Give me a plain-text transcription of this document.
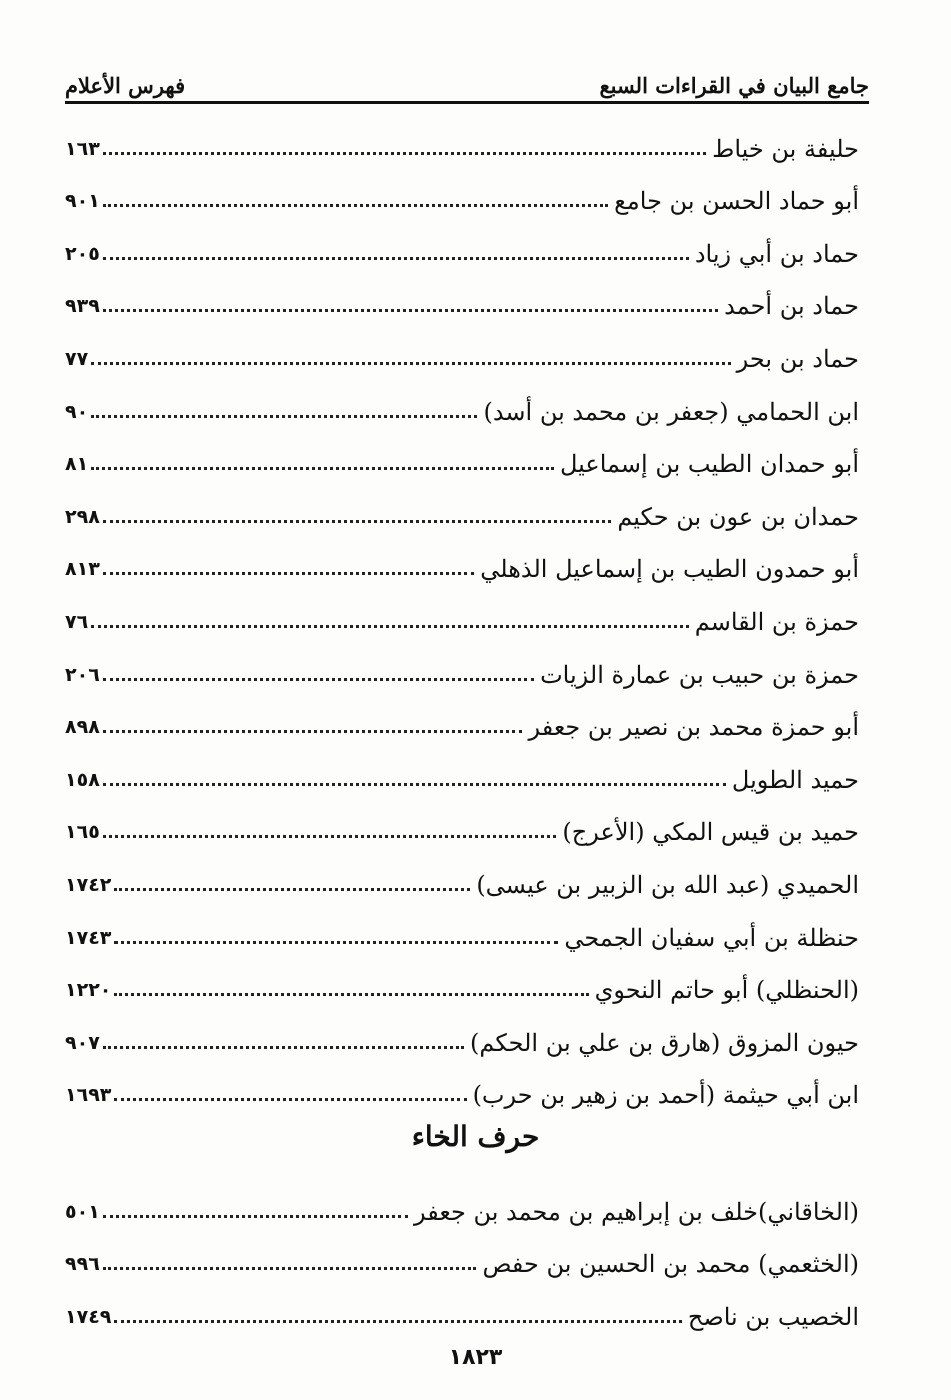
جامع البيان في القراءات السبع
فهرس الأعلام
حليفة بن خياط
١٦٣
أبو حماد الحسن بن جامع
٩٠١
حماد بن أبي زياد
٢٠٥
حماد بن أحمد
٩٣٩
حماد بن بحر
٧٧
ابن الحمامي (جعفر بن محمد بن أسد)
٩٠
أبو حمدان الطيب بن إسماعيل
٨١
حمدان بن عون بن حكيم
٢٩٨
أبو حمدون الطيب بن إسماعيل الذهلي
٨١٣
حمزة بن القاسم
٧٦
حمزة بن حبيب بن عمارة الزيات
٢٠٦
أبو حمزة محمد بن نصير بن جعفر
٨٩٨
حميد الطويل
١٥٨
حميد بن قيس المكي (الأعرج)
١٦٥
الحميدي (عبد الله بن الزبير بن عيسى)
١٧٤٢
حنظلة بن أبي سفيان الجمحي
١٧٤٣
(الحنظلي) أبو حاتم النحوي
١٢٢٠
حيون المزوق (هارق بن علي بن الحكم)
٩٠٧
ابن أبي حيثمة (أحمد بن زهير بن حرب)
١٦٩٣
حرف الخاء
(الخاقاني)خلف بن إبراهيم بن محمد بن جعفر
٥٠١
(الخثعمي) محمد بن الحسين بن حفص
٩٩٦
الخصيب بن ناصح
١٧٤٩
١٨٢٣
